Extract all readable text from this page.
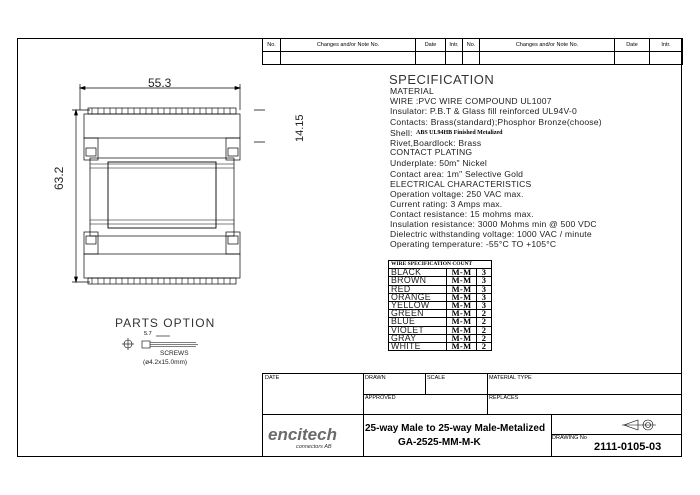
No.	Changes and/or Note No.	Date	Intr.	No.	Changes and/or Note No.	Date	Intr.

55.3
63.2
14.15
PARTS OPTION
5.7
SCREWS
(ø4.2x15.0mm)
SPECIFICATION
MATERIAL
WIRE :PVC WIRE COMPOUND UL1007
Insulator: P.B.T & Glass fill reinforced UL94V-0
Contacts: Brass(standard);Phosphor Bronze(choose)
Shell: ABS UL94HB Finished Metalized
Rivet,Boardlock: Brass
CONTACT PLATING
Underplate: 50m" Nickel
Contact area: 1m" Selective Gold
ELECTRICAL CHARACTERISTICS
Operation voltage: 250 VAC max.
Current rating: 3 Amps max.
Contact resistance: 15 mohms max.
Insulation resistance: 3000 Mohms min @ 500 VDC
Dielectric withstanding voltage: 1000 VAC / minute
Operating temperature: -55°C TO +105°C
WIRE SPECIFICATION COUNT		
BLACK	M-M	3
BROWN	M-M	3
RED	M-M	3
ORANGE	M-M	3
YELLOW	M-M	3
GREEN	M-M	2
BLUE	M-M	2
VIOLET	M-M	2
GRAY	M-M	2
WHITE	M-M	2
DATE	DRAWN	SCALE	MATERIAL TYPE
APPROVED	REPLACES
DRAWING No
encitech
connectors AB
25-way Male to 25-way Male-Metalized
GA-2525-MM-M-K	2111-0105-03
